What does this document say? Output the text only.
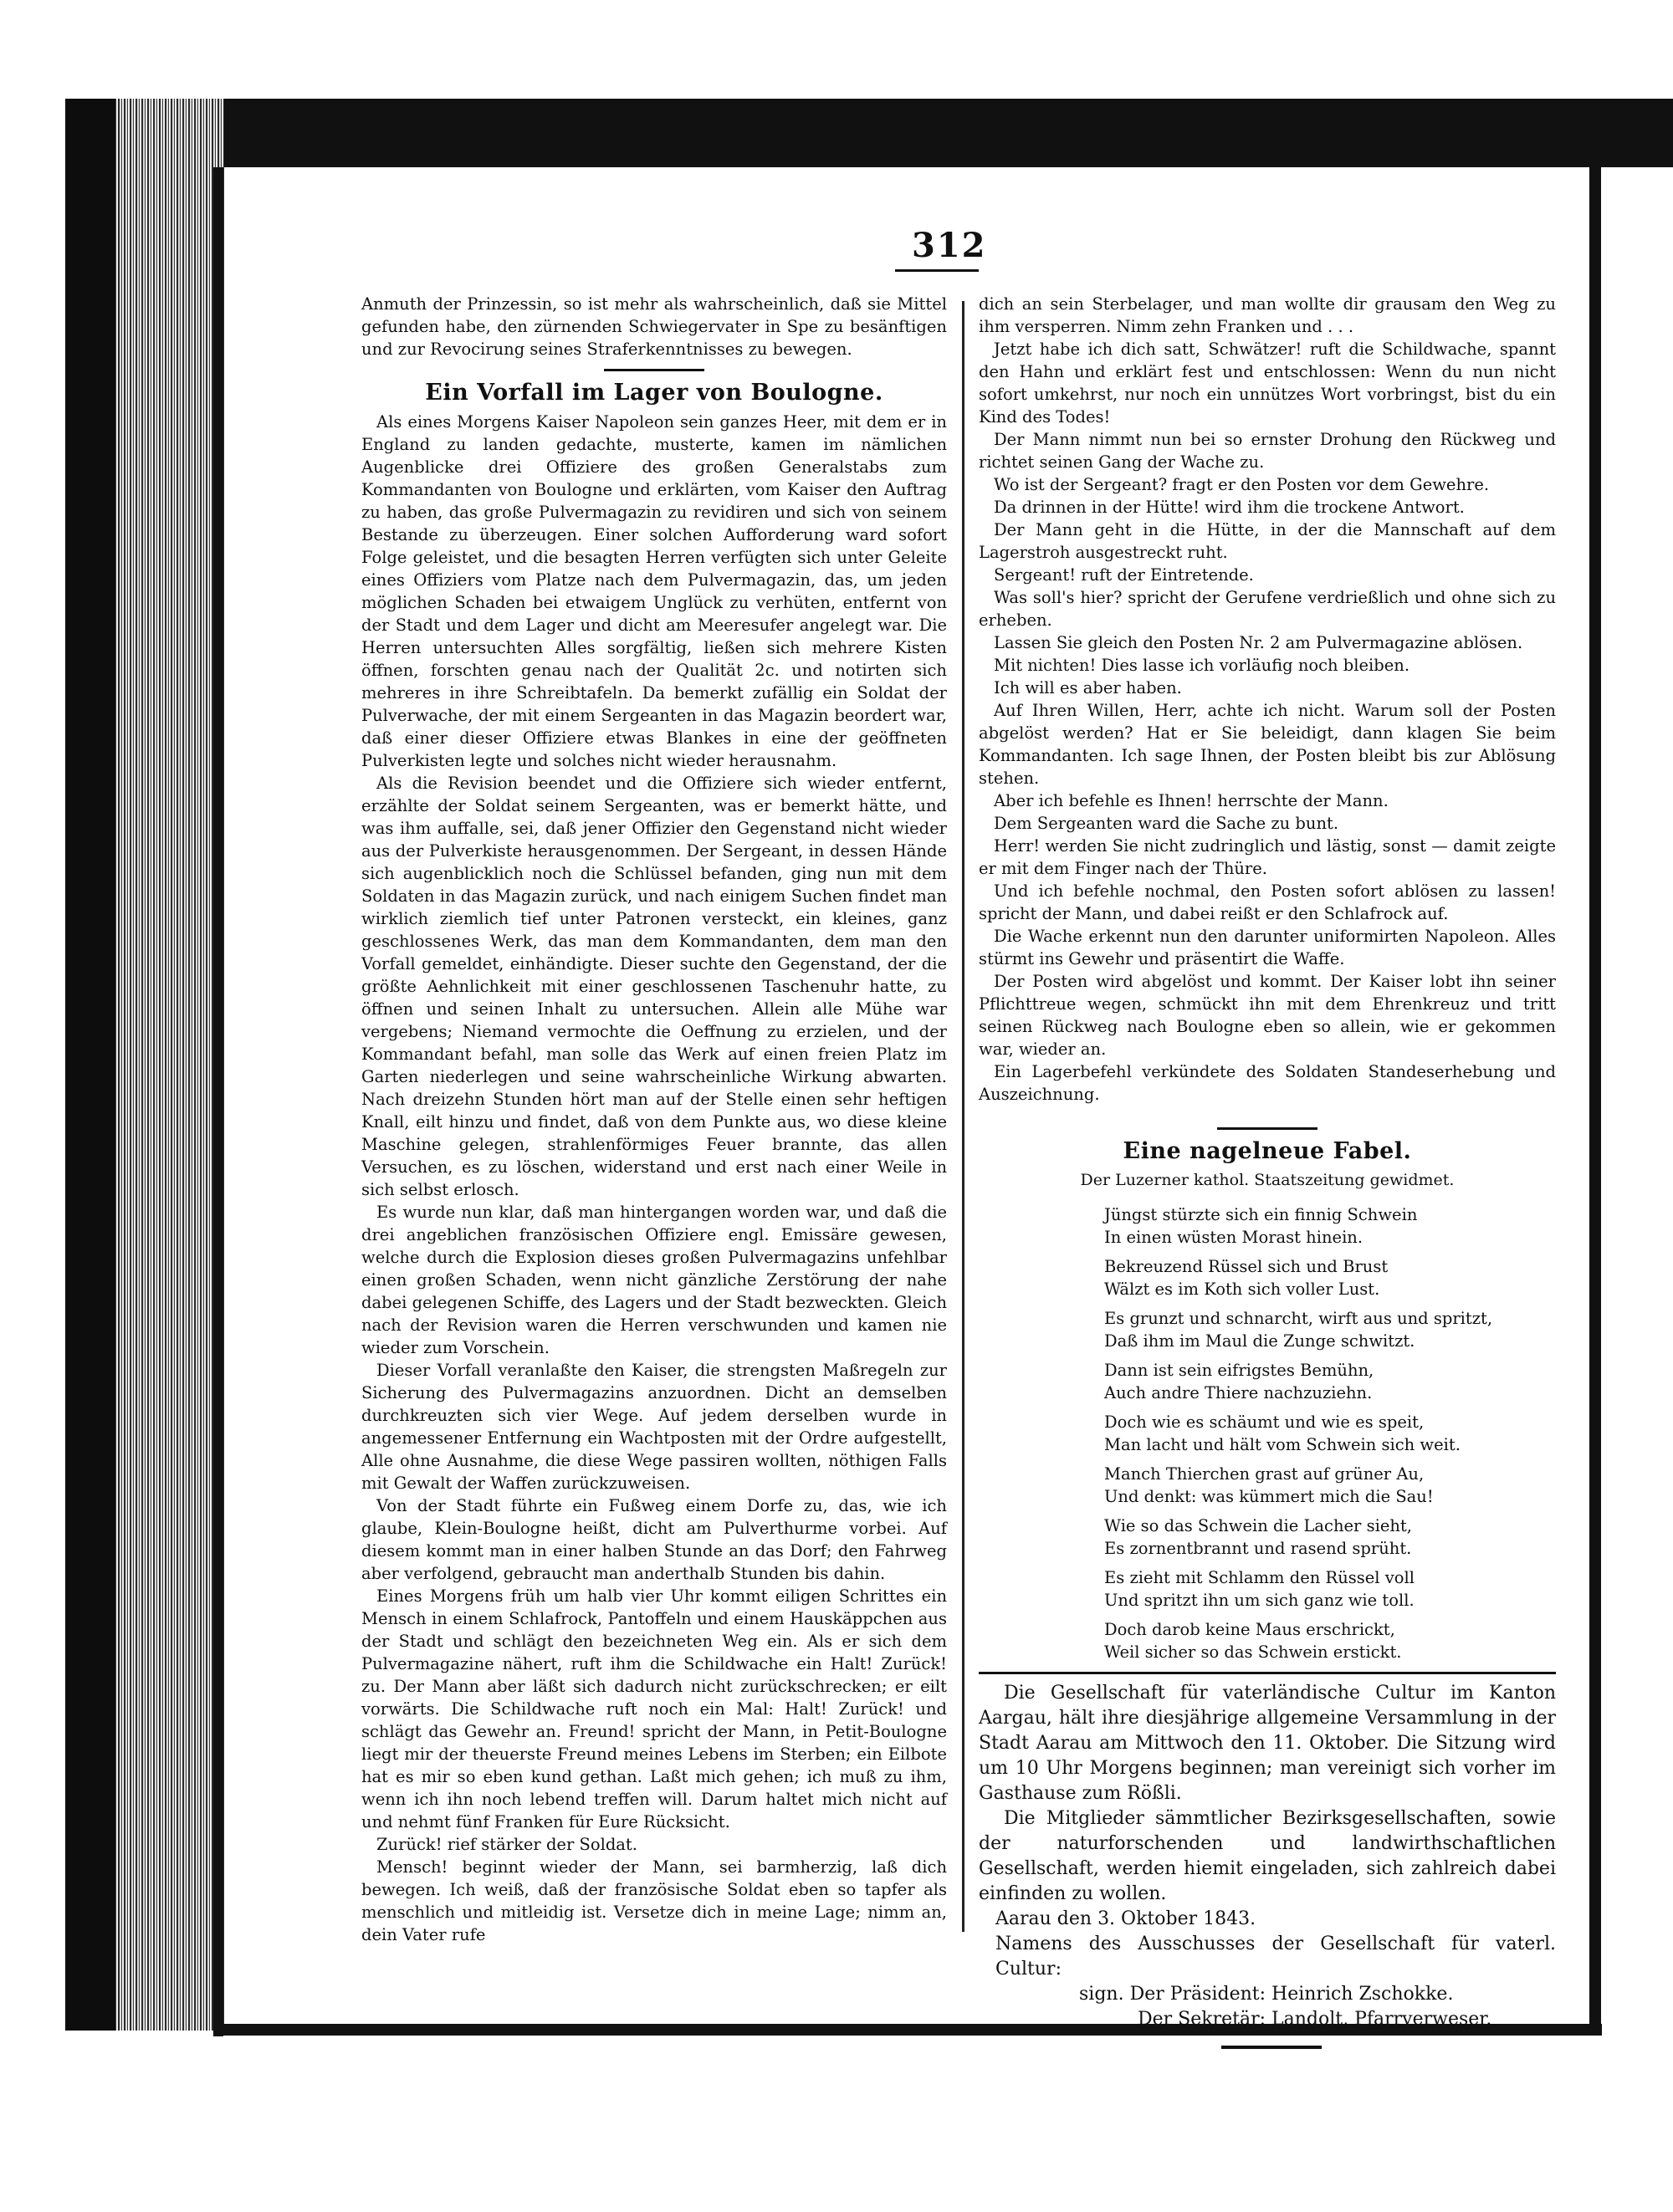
312

Anmuth der Prinzessin, so ist mehr als wahrscheinlich, daß sie Mittel gefunden habe, den zürnenden Schwiegervater in Spe zu besänftigen und zur Revocirung seines Straferkenntnisses zu bewegen.

Ein Vorfall im Lager von Boulogne.

Als eines Morgens Kaiser Napoleon sein ganzes Heer, mit dem er in England zu landen gedachte, musterte, kamen im nämlichen Augenblicke drei Offiziere des großen Generalstabs zum Kommandanten von Boulogne und erklärten, vom Kaiser den Auftrag zu haben, das große Pulvermagazin zu revidiren und sich von seinem Bestande zu überzeugen. Einer solchen Aufforderung ward sofort Folge geleistet, und die besagten Herren verfügten sich unter Geleite eines Offiziers vom Platze nach dem Pulvermagazin, das, um jeden möglichen Schaden bei etwaigem Unglück zu verhüten, entfernt von der Stadt und dem Lager und dicht am Meeresufer angelegt war. Die Herren untersuchten Alles sorgfältig, ließen sich mehrere Kisten öffnen, forschten genau nach der Qualität 2c. und notirten sich mehreres in ihre Schreibtafeln. Da bemerkt zufällig ein Soldat der Pulverwache, der mit einem Sergeanten in das Magazin beordert war, daß einer dieser Offiziere etwas Blankes in eine der geöffneten Pulverkisten legte und solches nicht wieder herausnahm.

Als die Revision beendet und die Offiziere sich wieder entfernt, erzählte der Soldat seinem Sergeanten, was er bemerkt hätte, und was ihm auffalle, sei, daß jener Offizier den Gegenstand nicht wieder aus der Pulverkiste herausgenommen. Der Sergeant, in dessen Hände sich augenblicklich noch die Schlüssel befanden, ging nun mit dem Soldaten in das Magazin zurück, und nach einigem Suchen findet man wirklich ziemlich tief unter Patronen versteckt, ein kleines, ganz geschlossenes Werk, das man dem Kommandanten, dem man den Vorfall gemeldet, einhändigte. Dieser suchte den Gegenstand, der die größte Aehnlichkeit mit einer geschlossenen Taschenuhr hatte, zu öffnen und seinen Inhalt zu untersuchen. Allein alle Mühe war vergebens; Niemand vermochte die Oeffnung zu erzielen, und der Kommandant befahl, man solle das Werk auf einen freien Platz im Garten niederlegen und seine wahrscheinliche Wirkung abwarten. Nach dreizehn Stunden hört man auf der Stelle einen sehr heftigen Knall, eilt hinzu und findet, daß von dem Punkte aus, wo diese kleine Maschine gelegen, strahlenförmiges Feuer brannte, das allen Versuchen, es zu löschen, widerstand und erst nach einer Weile in sich selbst erlosch.

Es wurde nun klar, daß man hintergangen worden war, und daß die drei angeblichen französischen Offiziere engl. Emissäre gewesen, welche durch die Explosion dieses großen Pulvermagazins unfehlbar einen großen Schaden, wenn nicht gänzliche Zerstörung der nahe dabei gelegenen Schiffe, des Lagers und der Stadt bezweckten. Gleich nach der Revision waren die Herren verschwunden und kamen nie wieder zum Vorschein.

Dieser Vorfall veranlaßte den Kaiser, die strengsten Maßregeln zur Sicherung des Pulvermagazins anzuordnen. Dicht an demselben durchkreuzten sich vier Wege. Auf jedem derselben wurde in angemessener Entfernung ein Wachtposten mit der Ordre aufgestellt, Alle ohne Ausnahme, die diese Wege passiren wollten, nöthigen Falls mit Gewalt der Waffen zurückzuweisen.

Von der Stadt führte ein Fußweg einem Dorfe zu, das, wie ich glaube, Klein-Boulogne heißt, dicht am Pulverthurme vorbei. Auf diesem kommt man in einer halben Stunde an das Dorf; den Fahrweg aber verfolgend, gebraucht man anderthalb Stunden bis dahin.

Eines Morgens früh um halb vier Uhr kommt eiligen Schrittes ein Mensch in einem Schlafrock, Pantoffeln und einem Hauskäppchen aus der Stadt und schlägt den bezeichneten Weg ein. Als er sich dem Pulvermagazine nähert, ruft ihm die Schildwache ein Halt! Zurück! zu. Der Mann aber läßt sich dadurch nicht zurückschrecken; er eilt vorwärts. Die Schildwache ruft noch ein Mal: Halt! Zurück! und schlägt das Gewehr an. Freund! spricht der Mann, in Petit-Boulogne liegt mir der theuerste Freund meines Lebens im Sterben; ein Eilbote hat es mir so eben kund gethan. Laßt mich gehen; ich muß zu ihm, wenn ich ihn noch lebend treffen will. Darum haltet mich nicht auf und nehmt fünf Franken für Eure Rücksicht.

Zurück! rief stärker der Soldat.

Mensch! beginnt wieder der Mann, sei barmherzig, laß dich bewegen. Ich weiß, daß der französische Soldat eben so tapfer als menschlich und mitleidig ist. Versetze dich in meine Lage; nimm an, dein Vater rufe

dich an sein Sterbelager, und man wollte dir grausam den Weg zu ihm versperren. Nimm zehn Franken und . . .

Jetzt habe ich dich satt, Schwätzer! ruft die Schildwache, spannt den Hahn und erklärt fest und entschlossen: Wenn du nun nicht sofort umkehrst, nur noch ein unnützes Wort vorbringst, bist du ein Kind des Todes!

Der Mann nimmt nun bei so ernster Drohung den Rückweg und richtet seinen Gang der Wache zu.

Wo ist der Sergeant? fragt er den Posten vor dem Gewehre.

Da drinnen in der Hütte! wird ihm die trockene Antwort.

Der Mann geht in die Hütte, in der die Mannschaft auf dem Lagerstroh ausgestreckt ruht.

Sergeant! ruft der Eintretende.

Was soll's hier? spricht der Gerufene verdrießlich und ohne sich zu erheben.

Lassen Sie gleich den Posten Nr. 2 am Pulvermagazine ablösen.

Mit nichten! Dies lasse ich vorläufig noch bleiben.

Ich will es aber haben.

Auf Ihren Willen, Herr, achte ich nicht. Warum soll der Posten abgelöst werden? Hat er Sie beleidigt, dann klagen Sie beim Kommandanten. Ich sage Ihnen, der Posten bleibt bis zur Ablösung stehen.

Aber ich befehle es Ihnen! herrschte der Mann.

Dem Sergeanten ward die Sache zu bunt.

Herr! werden Sie nicht zudringlich und lästig, sonst — damit zeigte er mit dem Finger nach der Thüre.

Und ich befehle nochmal, den Posten sofort ablösen zu lassen! spricht der Mann, und dabei reißt er den Schlafrock auf.

Die Wache erkennt nun den darunter uniformirten Napoleon. Alles stürmt ins Gewehr und präsentirt die Waffe.

Der Posten wird abgelöst und kommt. Der Kaiser lobt ihn seiner Pflichttreue wegen, schmückt ihn mit dem Ehrenkreuz und tritt seinen Rückweg nach Boulogne eben so allein, wie er gekommen war, wieder an.

Ein Lagerbefehl verkündete des Soldaten Standeserhebung und Auszeichnung.

Eine nagelneue Fabel.
Der Luzerner kathol. Staatszeitung gewidmet.
Jüngst stürzte sich ein finnig Schwein
In einen wüsten Morast hinein.
Bekreuzend Rüssel sich und Brust
Wälzt es im Koth sich voller Lust.
Es grunzt und schnarcht, wirft aus und spritzt,
Daß ihm im Maul die Zunge schwitzt.
Dann ist sein eifrigstes Bemühn,
Auch andre Thiere nachzuziehn.
Doch wie es schäumt und wie es speit,
Man lacht und hält vom Schwein sich weit.
Manch Thierchen grast auf grüner Au,
Und denkt: was kümmert mich die Sau!
Wie so das Schwein die Lacher sieht,
Es zornentbrannt und rasend sprüht.
Es zieht mit Schlamm den Rüssel voll
Und spritzt ihn um sich ganz wie toll.
Doch darob keine Maus erschrickt,
Weil sicher so das Schwein erstickt.

Die Gesellschaft für vaterländische Cultur im Kanton Aargau, hält ihre diesjährige allgemeine Versammlung in der Stadt Aarau am Mittwoch den 11. Oktober. Die Sitzung wird um 10 Uhr Morgens beginnen; man vereinigt sich vorher im Gasthause zum Rößli.

Die Mitglieder sämmtlicher Bezirksgesellschaften, sowie der naturforschenden und landwirthschaftlichen Gesellschaft, werden hiemit eingeladen, sich zahlreich dabei einfinden zu wollen.

Aarau den 3. Oktober 1843.

Namens des Ausschusses der Gesellschaft für vaterl. Cultur:

sign. Der Präsident: Heinrich Zschokke.

Der Sekretär: Landolt, Pfarrverweser.
